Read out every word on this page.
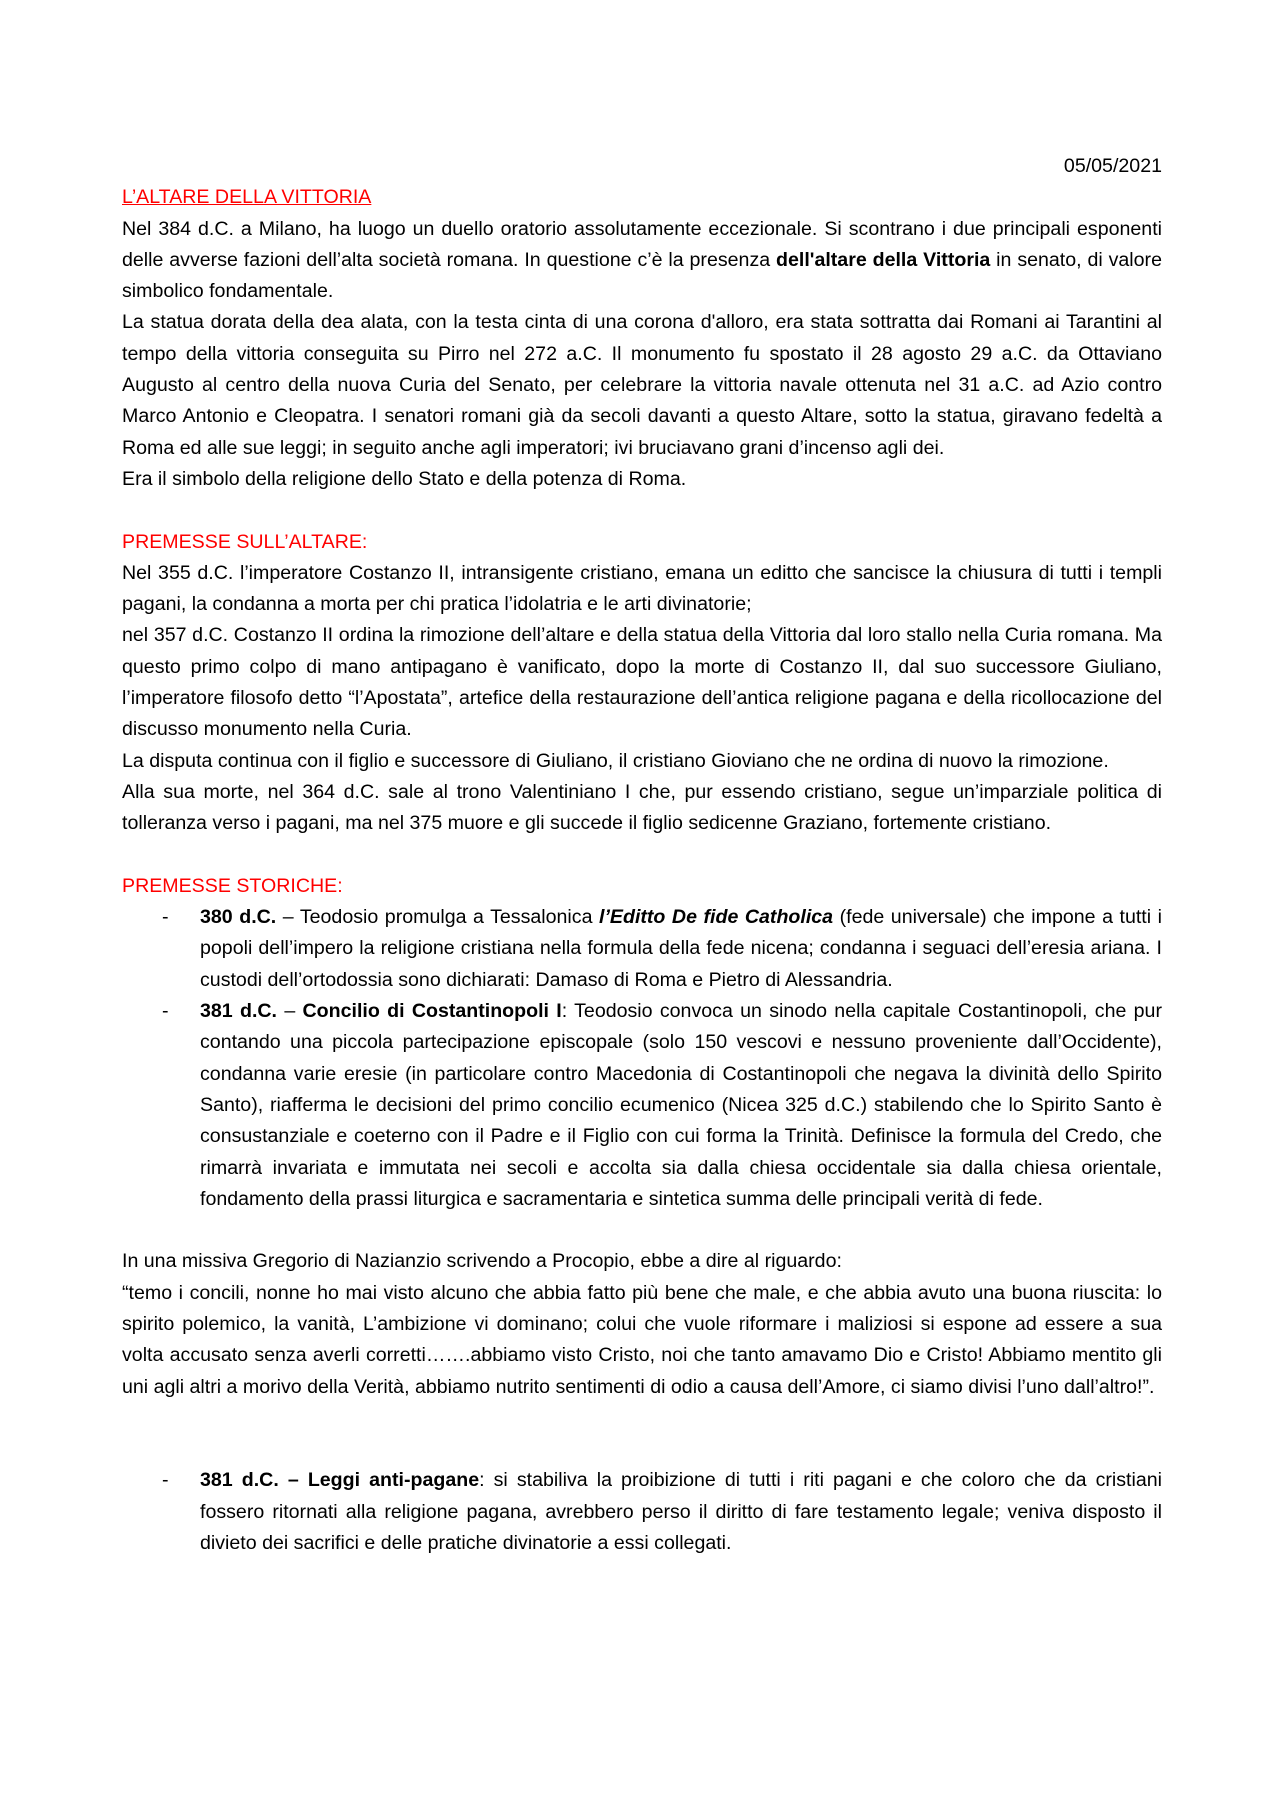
05/05/2021
L’ALTARE DELLA VITTORIA
Nel 384 d.C. a Milano, ha luogo un duello oratorio assolutamente eccezionale. Si scontrano i due principali esponenti delle avverse fazioni dell’alta società romana. In questione c’è la presenza dell'altare della Vittoria in senato, di valore simbolico fondamentale.
La statua dorata della dea alata, con la testa cinta di una corona d'alloro, era stata sottratta dai Romani ai Tarantini al tempo della vittoria conseguita su Pirro nel 272 a.C. Il monumento fu spostato il 28 agosto 29 a.C. da Ottaviano Augusto al centro della nuova Curia del Senato, per celebrare la vittoria navale ottenuta nel 31 a.C. ad Azio contro Marco Antonio e Cleopatra. I senatori romani già da secoli davanti a questo Altare, sotto la statua, giravano fedeltà a Roma ed alle sue leggi; in seguito anche agli imperatori; ivi bruciavano grani d’incenso agli dei.
Era il simbolo della religione dello Stato e della potenza di Roma.
PREMESSE SULL’ALTARE:
Nel 355 d.C. l’imperatore Costanzo II, intransigente cristiano, emana un editto che sancisce la chiusura di tutti i templi pagani, la condanna a morta per chi pratica l’idolatria e le arti divinatorie;
nel 357 d.C. Costanzo II ordina la rimozione dell’altare e della statua della Vittoria dal loro stallo nella Curia romana. Ma questo primo colpo di mano antipagano è vanificato, dopo la morte di Costanzo II, dal suo successore Giuliano, l’imperatore filosofo detto “l’Apostata”, artefice della restaurazione dell’antica religione pagana e della ricollocazione del discusso monumento nella Curia.
La disputa continua con il figlio e successore di Giuliano, il cristiano Gioviano che ne ordina di nuovo la rimozione.
Alla sua morte, nel 364 d.C. sale al trono Valentiniano I che, pur essendo cristiano, segue un’imparziale politica di tolleranza verso i pagani, ma nel 375 muore e gli succede il figlio sedicenne Graziano, fortemente cristiano.
PREMESSE STORICHE:
- 380 d.C. – Teodosio promulga a Tessalonica l’Editto De fide Catholica (fede universale) che impone a tutti i popoli dell’impero la religione cristiana nella formula della fede nicena; condanna i seguaci dell’eresia ariana. I custodi dell’ortodossia sono dichiarati: Damaso di Roma e Pietro di Alessandria.
- 381 d.C. – Concilio di Costantinopoli I: Teodosio convoca un sinodo nella capitale Costantinopoli, che pur contando una piccola partecipazione episcopale (solo 150 vescovi e nessuno proveniente dall’Occidente), condanna varie eresie (in particolare contro Macedonia di Costantinopoli che negava la divinità dello Spirito Santo), riafferma le decisioni del primo concilio ecumenico (Nicea 325 d.C.) stabilendo che lo Spirito Santo è consustanziale e coeterno con il Padre e il Figlio con cui forma la Trinità. Definisce la formula del Credo, che rimarrà invariata e immutata nei secoli e accolta sia dalla chiesa occidentale sia dalla chiesa orientale, fondamento della prassi liturgica e sacramentaria e sintetica summa delle principali verità di fede.
In una missiva Gregorio di Nazianzio scrivendo a Procopio, ebbe a dire al riguardo:
“temo i concili, nonne ho mai visto alcuno che abbia fatto più bene che male, e che abbia avuto una buona riuscita: lo spirito polemico, la vanità, L’ambizione vi dominano; colui che vuole riformare i maliziosi si espone ad essere a sua volta accusato senza averli corretti…….abbiamo visto Cristo, noi che tanto amavamo Dio e Cristo! Abbiamo mentito gli uni agli altri a morivo della Verità, abbiamo nutrito sentimenti di odio a causa dell’Amore, ci siamo divisi l’uno dall’altro!”.
- 381 d.C. – Leggi anti-pagane: si stabiliva la proibizione di tutti i riti pagani e che coloro che da cristiani fossero ritornati alla religione pagana, avrebbero perso il diritto di fare testamento legale; veniva disposto il divieto dei sacrifici e delle pratiche divinatorie a essi collegati.
